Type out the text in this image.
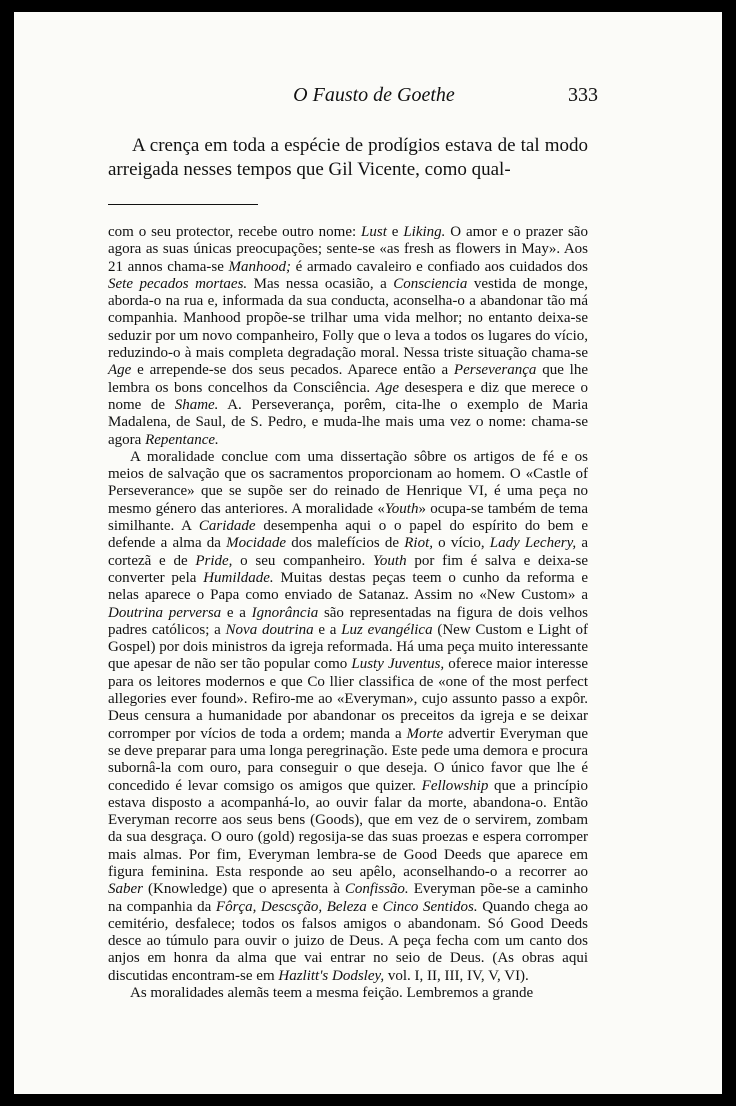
O Fausto de Goethe	333

A crença em toda a espécie de prodígios estava de tal modo arreigada nesses tempos que Gil Vicente, como qual-

com o seu protector, recebe outro nome: Lust e Liking. O amor e o prazer são agora as suas únicas preocupações; sente-se «as fresh as flowers in May». Aos 21 annos chama-se Manhood; é armado cavaleiro e confiado aos cuidados dos Sete pecados mortaes. Mas nessa ocasião, a Consciencia vestida de monge, aborda-o na rua e, informada da sua conducta, aconselha-o a abandonar tão má companhia. Manhood propõe-se trilhar uma vida melhor; no entanto deixa-se seduzir por um novo companheiro, Folly que o leva a todos os lugares do vício, reduzindo-o à mais completa degradação moral. Nessa triste situação chama-se Age e arrepende-se dos seus pecados. Aparece então a Perseverança que lhe lembra os bons concelhos da Consciência. Age desespera e diz que merece o nome de Shame. A. Perseverança, porêm, cita-lhe o exemplo de Maria Madalena, de Saul, de S. Pedro, e muda-lhe mais uma vez o nome: chama-se agora Repentance.

A moralidade conclue com uma dissertação sôbre os artigos de fé e os meios de salvação que os sacramentos proporcionam ao homem. O «Castle of Perseverance» que se supõe ser do reinado de Henrique VI, é uma peça no mesmo género das anteriores. A moralidade «Youth» ocupa-se também de tema similhante. A Caridade desempenha aqui o o papel do espírito do bem e defende a alma da Mocidade dos malefícios de Riot, o vício, Lady Lechery, a cortezã e de Pride, o seu companheiro. Youth por fim é salva e deixa-se converter pela Humildade. Muitas destas peças teem o cunho da reforma e nelas aparece o Papa como enviado de Satanaz. Assim no «New Custom» a Doutrina perversa e a Ignorância são representadas na figura de dois velhos padres católicos; a Nova doutrina e a Luz evangélica (New Custom e Light of Gospel) por dois ministros da igreja reformada. Há uma peça muito interessante que apesar de não ser tão popular como Lusty Juventus, oferece maior interesse para os leitores modernos e que Co llier classifica de «one of the most perfect allegories ever found». Refiro-me ao «Everyman», cujo assunto passo a expôr. Deus censura a humanidade por abandonar os preceitos da igreja e se deixar corromper por vícios de toda a ordem; manda a Morte advertir Everyman que se deve preparar para uma longa peregrinação. Este pede uma demora e procura subornâ-la com ouro, para conseguir o que deseja. O único favor que lhe é concedido é levar comsigo os amigos que quizer. Fellowship que a princípio estava disposto a acompanhá-lo, ao ouvir falar da morte, abandona-o. Então Everyman recorre aos seus bens (Goods), que em vez de o servirem, zombam da sua desgraça. O ouro (gold) regosija-se das suas proezas e espera corromper mais almas. Por fim, Everyman lembra-se de Good Deeds que aparece em figura feminina. Esta responde ao seu apêlo, aconselhando-o a recorrer ao Saber (Knowledge) que o apresenta à Confissão. Everyman põe-se a caminho na companhia da Fôrça, Descsção, Beleza e Cinco Sentidos. Quando chega ao cemitério, desfalece; todos os falsos amigos o abandonam. Só Good Deeds desce ao túmulo para ouvir o juizo de Deus. A peça fecha com um canto dos anjos em honra da alma que vai entrar no seio de Deus. (As obras aqui discutidas encontram-se em Hazlitt's Dodsley, vol. I, II, III, IV, V, VI).

As moralidades alemãs teem a mesma feição. Lembremos a grande
